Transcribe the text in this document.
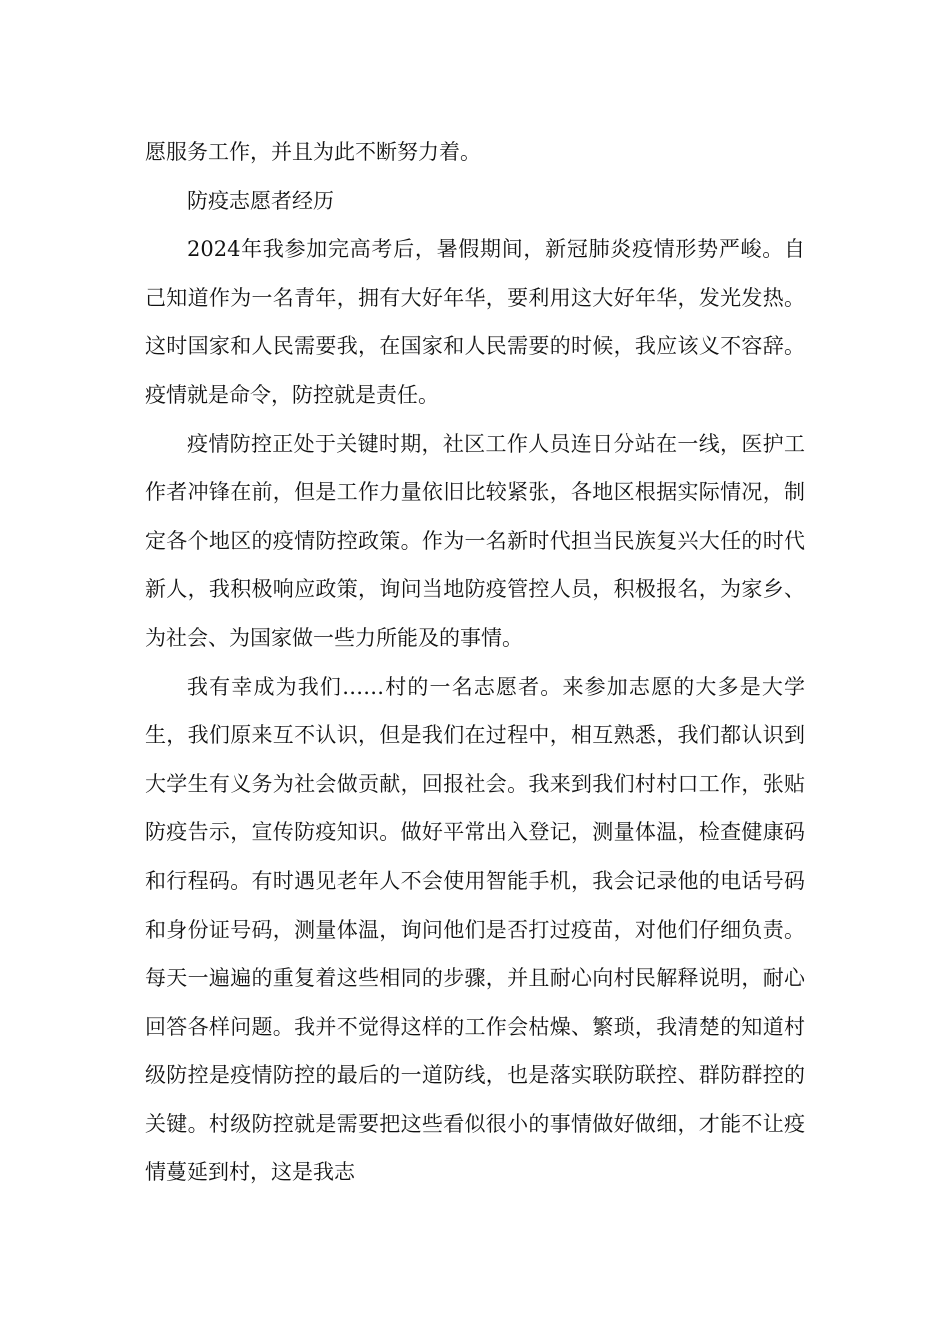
愿服务工作，并且为此不断努力着。

防疫志愿者经历

2024年我参加完高考后，暑假期间，新冠肺炎疫情形势严峻。自己知道作为一名青年，拥有大好年华，要利用这大好年华，发光发热。这时国家和人民需要我，在国家和人民需要的时候，我应该义不容辞。疫情就是命令，防控就是责任。

疫情防控正处于关键时期，社区工作人员连日分站在一线，医护工作者冲锋在前，但是工作力量依旧比较紧张，各地区根据实际情况，制定各个地区的疫情防控政策。作为一名新时代担当民族复兴大任的时代新人，我积极响应政策，询问当地防疫管控人员，积极报名，为家乡、为社会、为国家做一些力所能及的事情。

我有幸成为我们……村的一名志愿者。来参加志愿的大多是大学生，我们原来互不认识，但是我们在过程中，相互熟悉，我们都认识到大学生有义务为社会做贡献，回报社会。我来到我们村村口工作，张贴防疫告示，宣传防疫知识。做好平常出入登记，测量体温，检查健康码和行程码。有时遇见老年人不会使用智能手机，我会记录他的电话号码和身份证号码，测量体温，询问他们是否打过疫苗，对他们仔细负责。每天一遍遍的重复着这些相同的步骤，并且耐心向村民解释说明，耐心回答各样问题。我并不觉得这样的工作会枯燥、繁琐，我清楚的知道村级防控是疫情防控的最后的一道防线，也是落实联防联控、群防群控的关键。村级防控就是需要把这些看似很小的事情做好做细，才能不让疫情蔓延到村，这是我志
